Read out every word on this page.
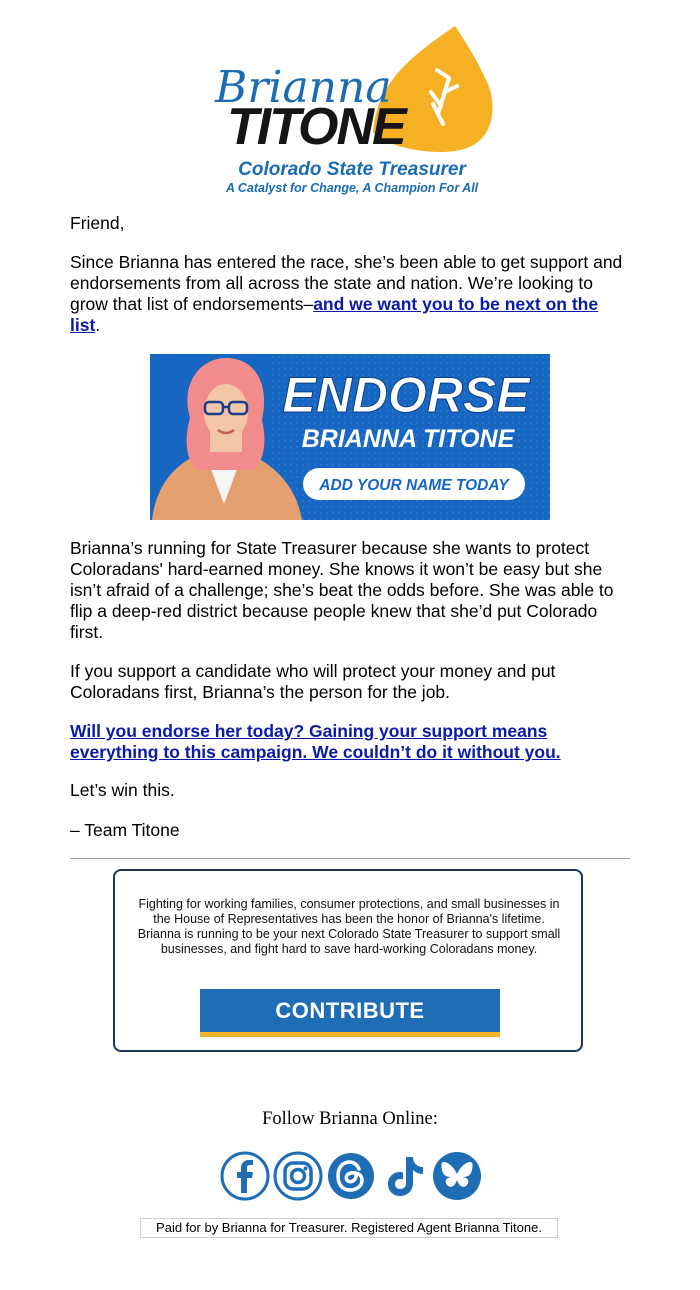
Brianna
TITONE
Colorado State Treasurer
A Catalyst for Change, A Champion For All

Friend,

Since Brianna has entered the race, she’s been able to get support and endorsements from all across the state and nation. We’re looking to grow that list of endorsements–and we want you to be next on the list.

ENDORSE
BRIANNA TITONE
ADD YOUR NAME TODAY

Brianna’s running for State Treasurer because she wants to protect Coloradans' hard-earned money. She knows it won’t be easy but she isn’t afraid of a challenge; she’s beat the odds before. She was able to flip a deep-red district because people knew that she’d put Colorado first.

If you support a candidate who will protect your money and put Coloradans first, Brianna’s the person for the job.

Will you endorse her today? Gaining your support means everything to this campaign. We couldn’t do it without you.

Let’s win this.

– Team Titone

Fighting for working families, consumer protections, and small businesses in the House of Representatives has been the honor of Brianna's lifetime. Brianna is running to be your next Colorado State Treasurer to support small businesses, and fight hard to save hard-working Coloradans money.
CONTRIBUTE
Follow Brianna Online:
Paid for by Brianna for Treasurer. Registered Agent Brianna Titone.
